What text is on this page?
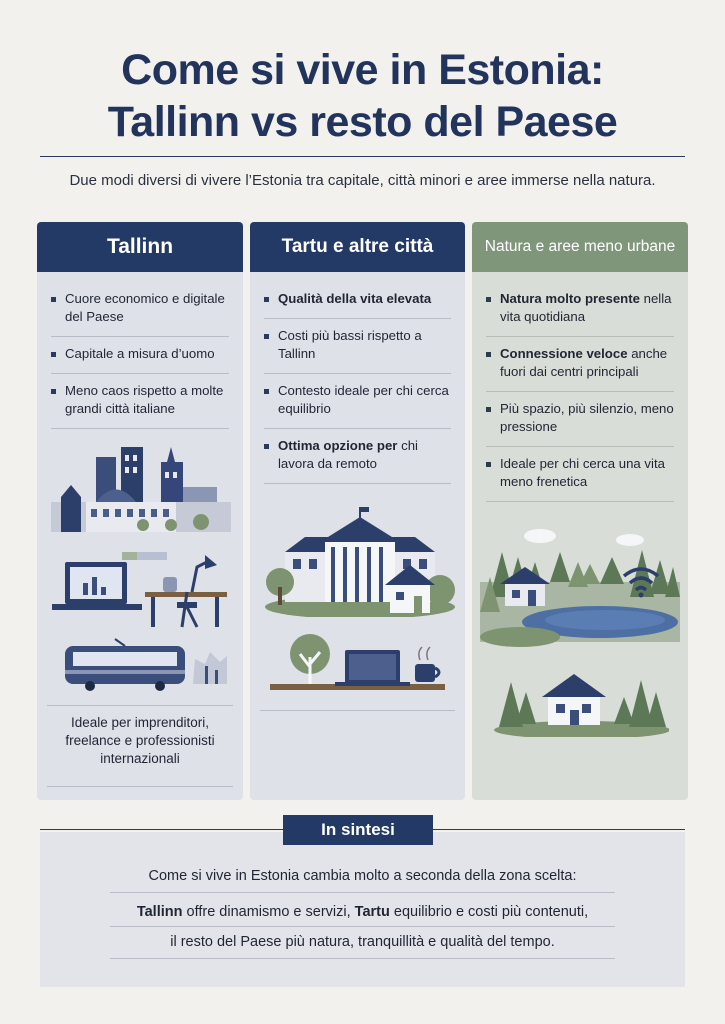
Come si vive in Estonia:
Tallinn vs resto del Paese
Due modi diversi di vivere l’Estonia tra capitale, città minori e aree immerse nella natura.
Tallinn
Cuore economico e digitale del Paese
Capitale a misura d’uomo
Meno caos rispetto a molte grandi città italiane
Ideale per imprenditori, freelance e professionisti internazionali
Tartu e altre città
Qualità della vita elevata
Costi più bassi rispetto a Tallinn
Contesto ideale per chi cerca equilibrio
Ottima opzione per chi lavora da remoto
Natura e aree meno urbane
Natura molto presente nella vita quotidiana
Connessione veloce anche fuori dai centri principali
Più spazio, più silenzio, meno pressione
Ideale per chi cerca una vita meno frenetica
In sintesi
Come si vive in Estonia cambia molto a seconda della zona scelta:
Tallinn offre dinamismo e servizi, Tartu equilibrio e costi più contenuti,
il resto del Paese più natura, tranquillità e qualità del tempo.
